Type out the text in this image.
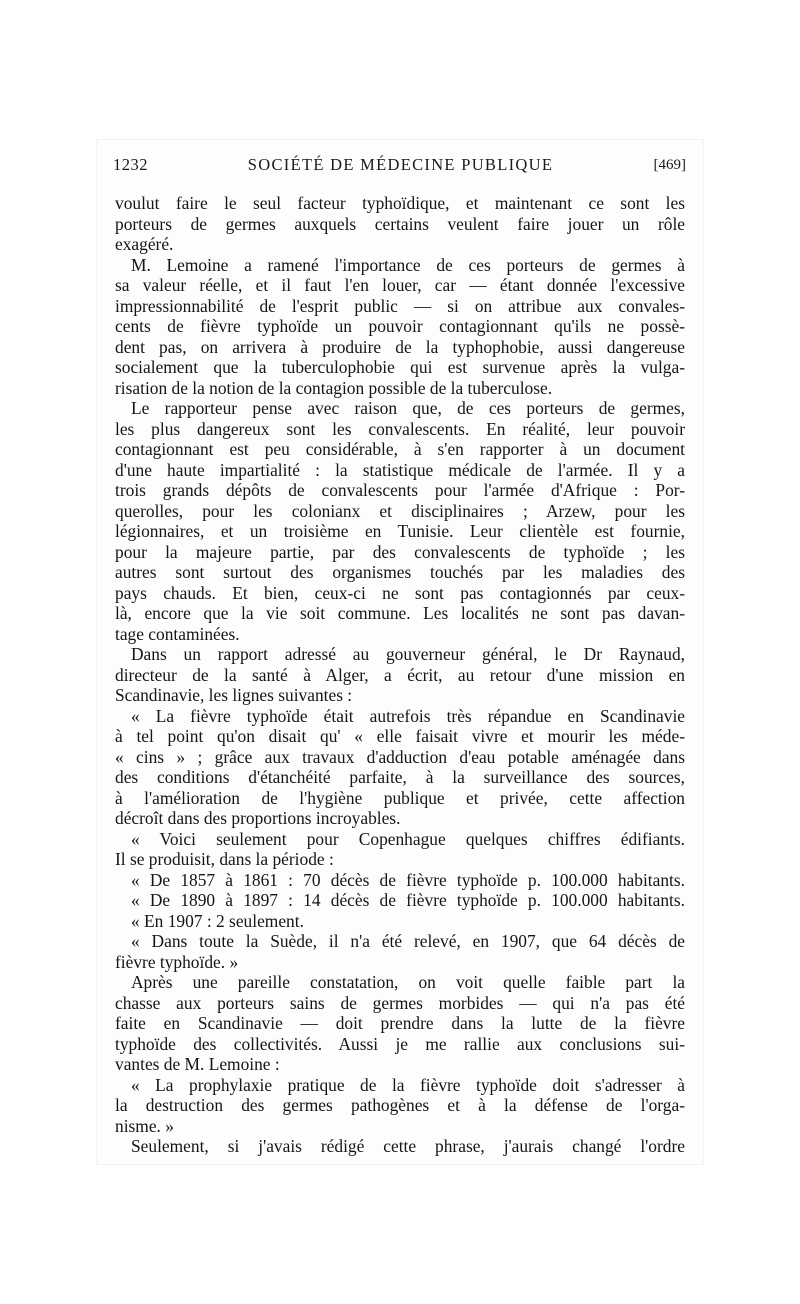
1232	SOCIÉTÉ DE MÉDECINE PUBLIQUE	[469]
voulut faire le seul facteur typhoïdique, et maintenant ce sont les
porteurs de germes auxquels certains veulent faire jouer un rôle
exagéré.
M. Lemoine a ramené l'importance de ces porteurs de germes à
sa valeur réelle, et il faut l'en louer, car — étant donnée l'excessive
impressionnabilité de l'esprit public — si on attribue aux convales-
cents de fièvre typhoïde un pouvoir contagionnant qu'ils ne possè-
dent pas, on arrivera à produire de la typhophobie, aussi dangereuse
socialement que la tuberculophobie qui est survenue après la vulga-
risation de la notion de la contagion possible de la tuberculose.
Le rapporteur pense avec raison que, de ces porteurs de germes,
les plus dangereux sont les convalescents. En réalité, leur pouvoir
contagionnant est peu considérable, à s'en rapporter à un document
d'une haute impartialité : la statistique médicale de l'armée. Il y a
trois grands dépôts de convalescents pour l'armée d'Afrique : Por-
querolles, pour les colonianx et disciplinaires ; Arzew, pour les
légionnaires, et un troisième en Tunisie. Leur clientèle est fournie,
pour la majeure partie, par des convalescents de typhoïde ; les
autres sont surtout des organismes touchés par les maladies des
pays chauds. Et bien, ceux-ci ne sont pas contagionnés par ceux-
là, encore que la vie soit commune. Les localités ne sont pas davan-
tage contaminées.
Dans un rapport adressé au gouverneur général, le Dr Raynaud,
directeur de la santé à Alger, a écrit, au retour d'une mission en
Scandinavie, les lignes suivantes :
« La fièvre typhoïde était autrefois très répandue en Scandinavie
à tel point qu'on disait qu' « elle faisait vivre et mourir les méde-
« cins » ; grâce aux travaux d'adduction d'eau potable aménagée dans
des conditions d'étanchéité parfaite, à la surveillance des sources,
à l'amélioration de l'hygiène publique et privée, cette affection
décroît dans des proportions incroyables.
« Voici seulement pour Copenhague quelques chiffres édifiants.
Il se produisit, dans la période :
« De 1857 à 1861 : 70 décès de fièvre typhoïde p. 100.000 habitants.
« De 1890 à 1897 : 14 décès de fièvre typhoïde p. 100.000 habitants.
« En 1907 : 2 seulement.
« Dans toute la Suède, il n'a été relevé, en 1907, que 64 décès de
fièvre typhoïde. »
Après une pareille constatation, on voit quelle faible part la
chasse aux porteurs sains de germes morbides — qui n'a pas été
faite en Scandinavie — doit prendre dans la lutte de la fièvre
typhoïde des collectivités. Aussi je me rallie aux conclusions sui-
vantes de M. Lemoine :
« La prophylaxie pratique de la fièvre typhoïde doit s'adresser à
la destruction des germes pathogènes et à la défense de l'orga-
nisme. »
Seulement, si j'avais rédigé cette phrase, j'aurais changé l'ordre
